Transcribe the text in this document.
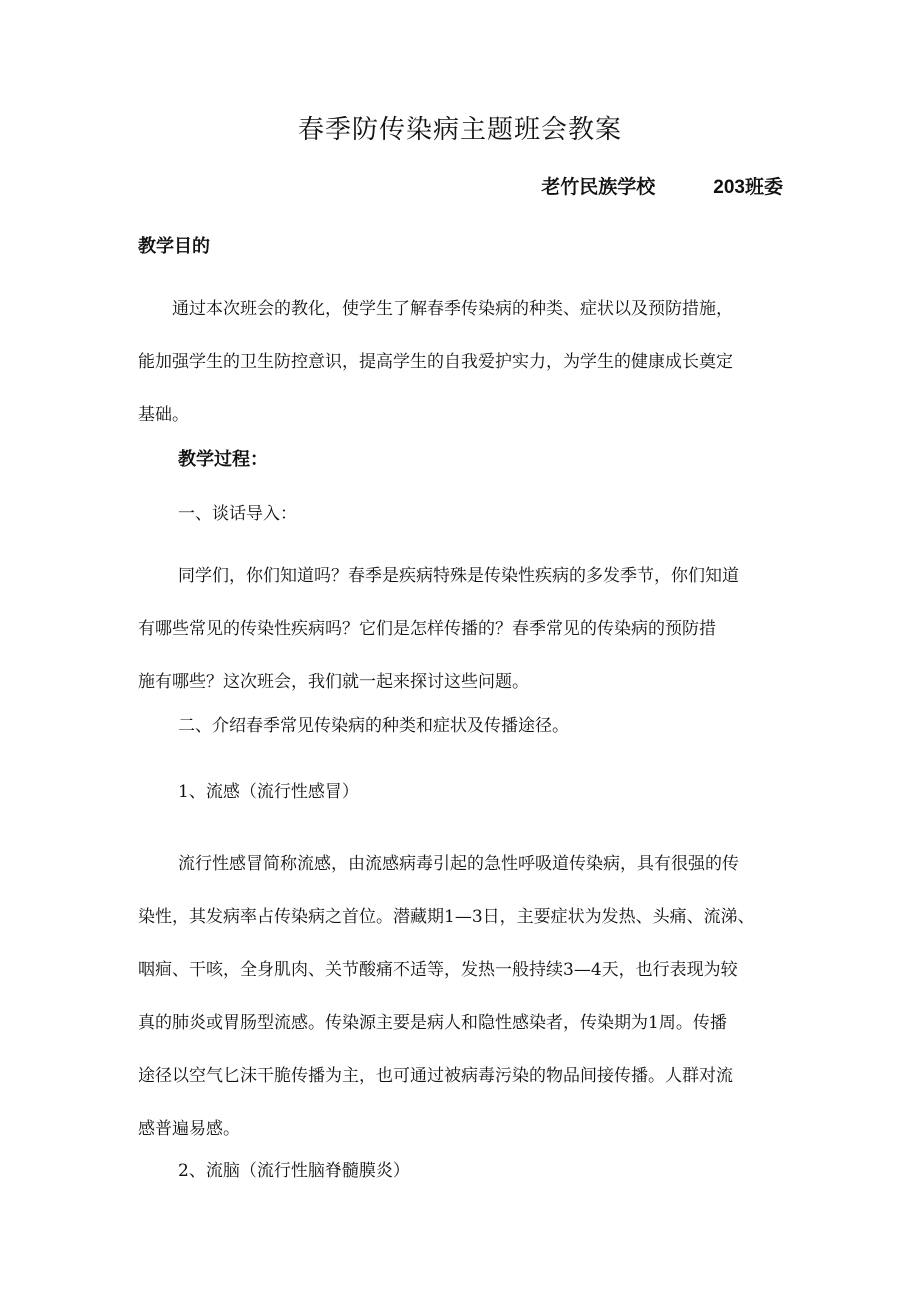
春季防传染病主题班会教案
老竹民族学校	203班委
教学目的
通过本次班会的教化，使学生了解春季传染病的种类、症状以及预防措施，
能加强学生的卫生防控意识，提高学生的自我爱护实力，为学生的健康成长奠定
基础。
教学过程：
一、谈话导入：
同学们，你们知道吗？春季是疾病特殊是传染性疾病的多发季节，你们知道
有哪些常见的传染性疾病吗？它们是怎样传播的？春季常见的传染病的预防措
施有哪些？这次班会，我们就一起来探讨这些问题。
二、介绍春季常见传染病的种类和症状及传播途径。
1、流感（流行性感冒）
流行性感冒简称流感，由流感病毒引起的急性呼吸道传染病，具有很强的传
染性，其发病率占传染病之首位。潜藏期1—3日，主要症状为发热、头痛、流涕、
咽痐、干咳，全身肌肉、关节酸痛不适等，发热一般持续3—4天，也行表现为较
真的肺炎或胃肠型流感。传染源主要是病人和隐性感染者，传染期为1周。传播
途径以空气匕沫干脆传播为主，也可通过被病毒污染的物品间接传播。人群对流
感普遍易感。
2、流脑（流行性脑脊髓膜炎）
